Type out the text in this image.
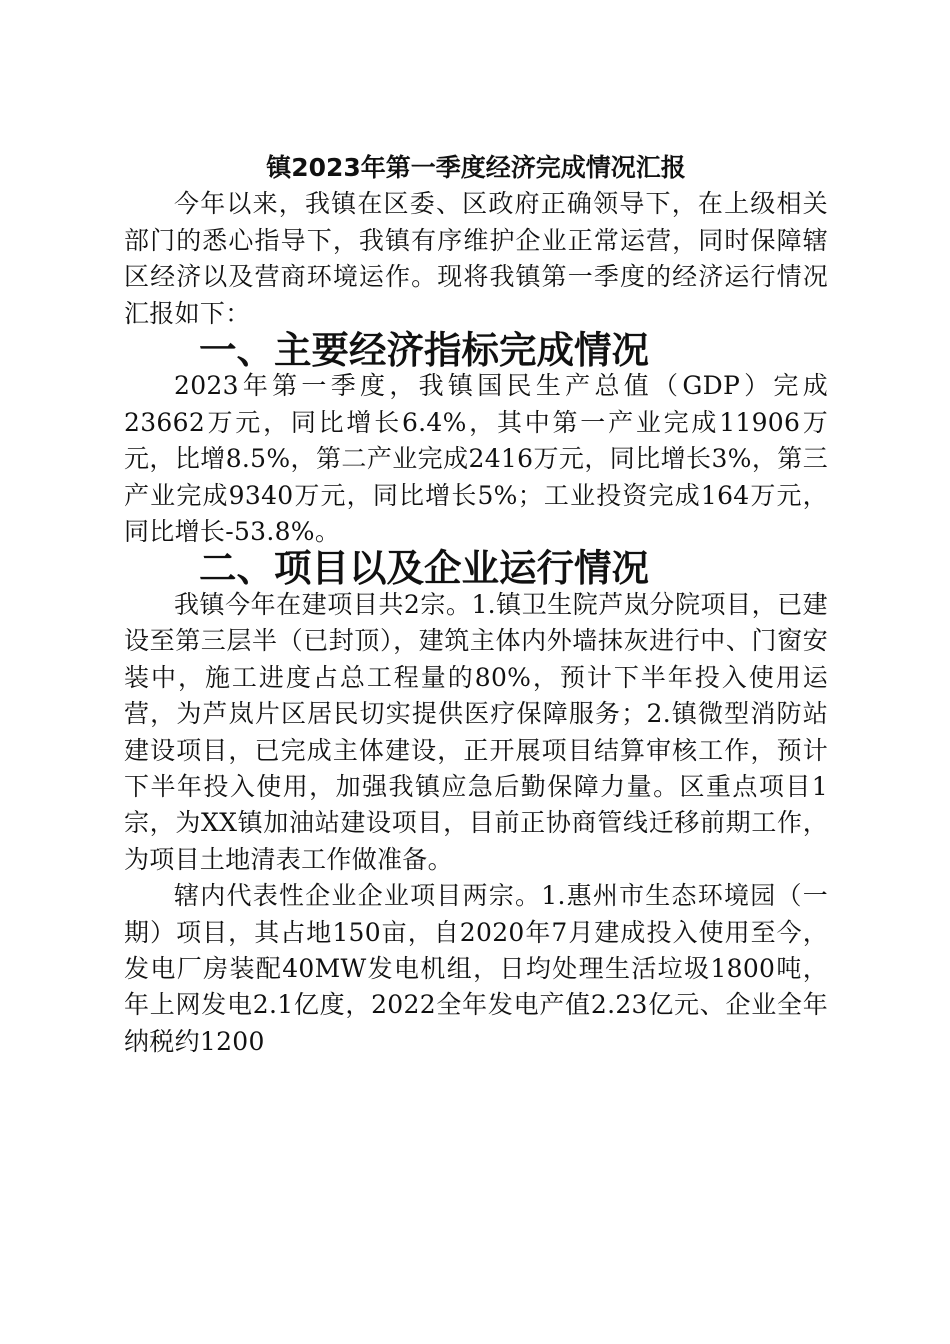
镇2023年第一季度经济完成情况汇报

今年以来，我镇在区委、区政府正确领导下，在上级相关部门的悉心指导下，我镇有序维护企业正常运营，同时保障辖区经济以及营商环境运作。现将我镇第一季度的经济运行情况汇报如下：

一、主要经济指标完成情况

2023年第一季度，我镇国民生产总值（GDP）完成23662万元，同比增长6.4%，其中第一产业完成11906万元，比增8.5%，第二产业完成2416万元，同比增长3%，第三产业完成9340万元，同比增长5%；工业投资完成164万元，同比增长-53.8%。

二、项目以及企业运行情况

我镇今年在建项目共2宗。1.镇卫生院芦岚分院项目，已建设至第三层半（已封顶），建筑主体内外墙抹灰进行中、门窗安装中，施工进度占总工程量的80%，预计下半年投入使用运营，为芦岚片区居民切实提供医疗保障服务；2.镇微型消防站建设项目，已完成主体建设，正开展项目结算审核工作，预计下半年投入使用，加强我镇应急后勤保障力量。区重点项目1宗，为XX镇加油站建设项目，目前正协商管线迁移前期工作，为项目土地清表工作做准备。

辖内代表性企业企业项目两宗。1.惠州市生态环境园（一期）项目，其占地150亩，自2020年7月建成投入使用至今，发电厂房装配40MW发电机组，日均处理生活垃圾1800吨，年上网发电2.1亿度，2022全年发电产值2.23亿元、企业全年纳税约1200
